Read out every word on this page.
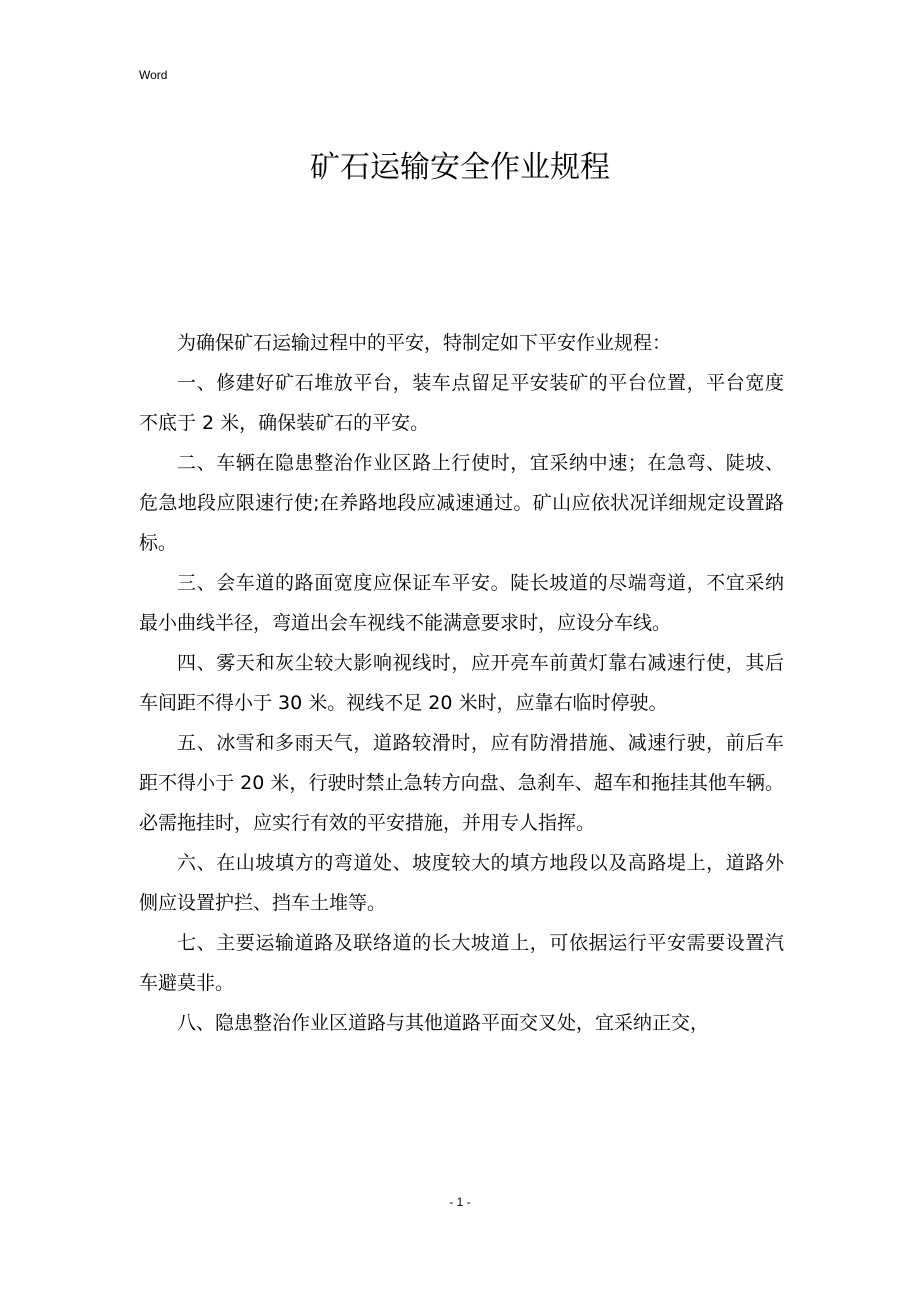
Word
矿石运输安全作业规程

为确保矿石运输过程中的平安，特制定如下平安作业规程：

一、修建好矿石堆放平台，装车点留足平安装矿的平台位置，平台宽度不底于 2 米，确保装矿石的平安。

二、车辆在隐患整治作业区路上行使时，宜采纳中速；在急弯、陡坡、危急地段应限速行使;在养路地段应减速通过。矿山应依状况详细规定设置路标。

三、会车道的路面宽度应保证车平安。陡长坡道的尽端弯道，不宜采纳最小曲线半径，弯道出会车视线不能满意要求时，应设分车线。

四、雾天和灰尘较大影响视线时，应开亮车前黄灯靠右减速行使，其后车间距不得小于 30 米。视线不足 20 米时，应靠右临时停驶。

五、冰雪和多雨天气，道路较滑时，应有防滑措施、减速行驶，前后车距不得小于 20 米，行驶时禁止急转方向盘、急刹车、超车和拖挂其他车辆。必需拖挂时，应实行有效的平安措施，并用专人指挥。

六、在山坡填方的弯道处、坡度较大的填方地段以及高路堤上，道路外侧应设置护拦、挡车土堆等。

七、主要运输道路及联络道的长大坡道上，可依据运行平安需要设置汽车避莫非。

八、隐患整治作业区道路与其他道路平面交叉处，宜采纳正交，

- 1 -
